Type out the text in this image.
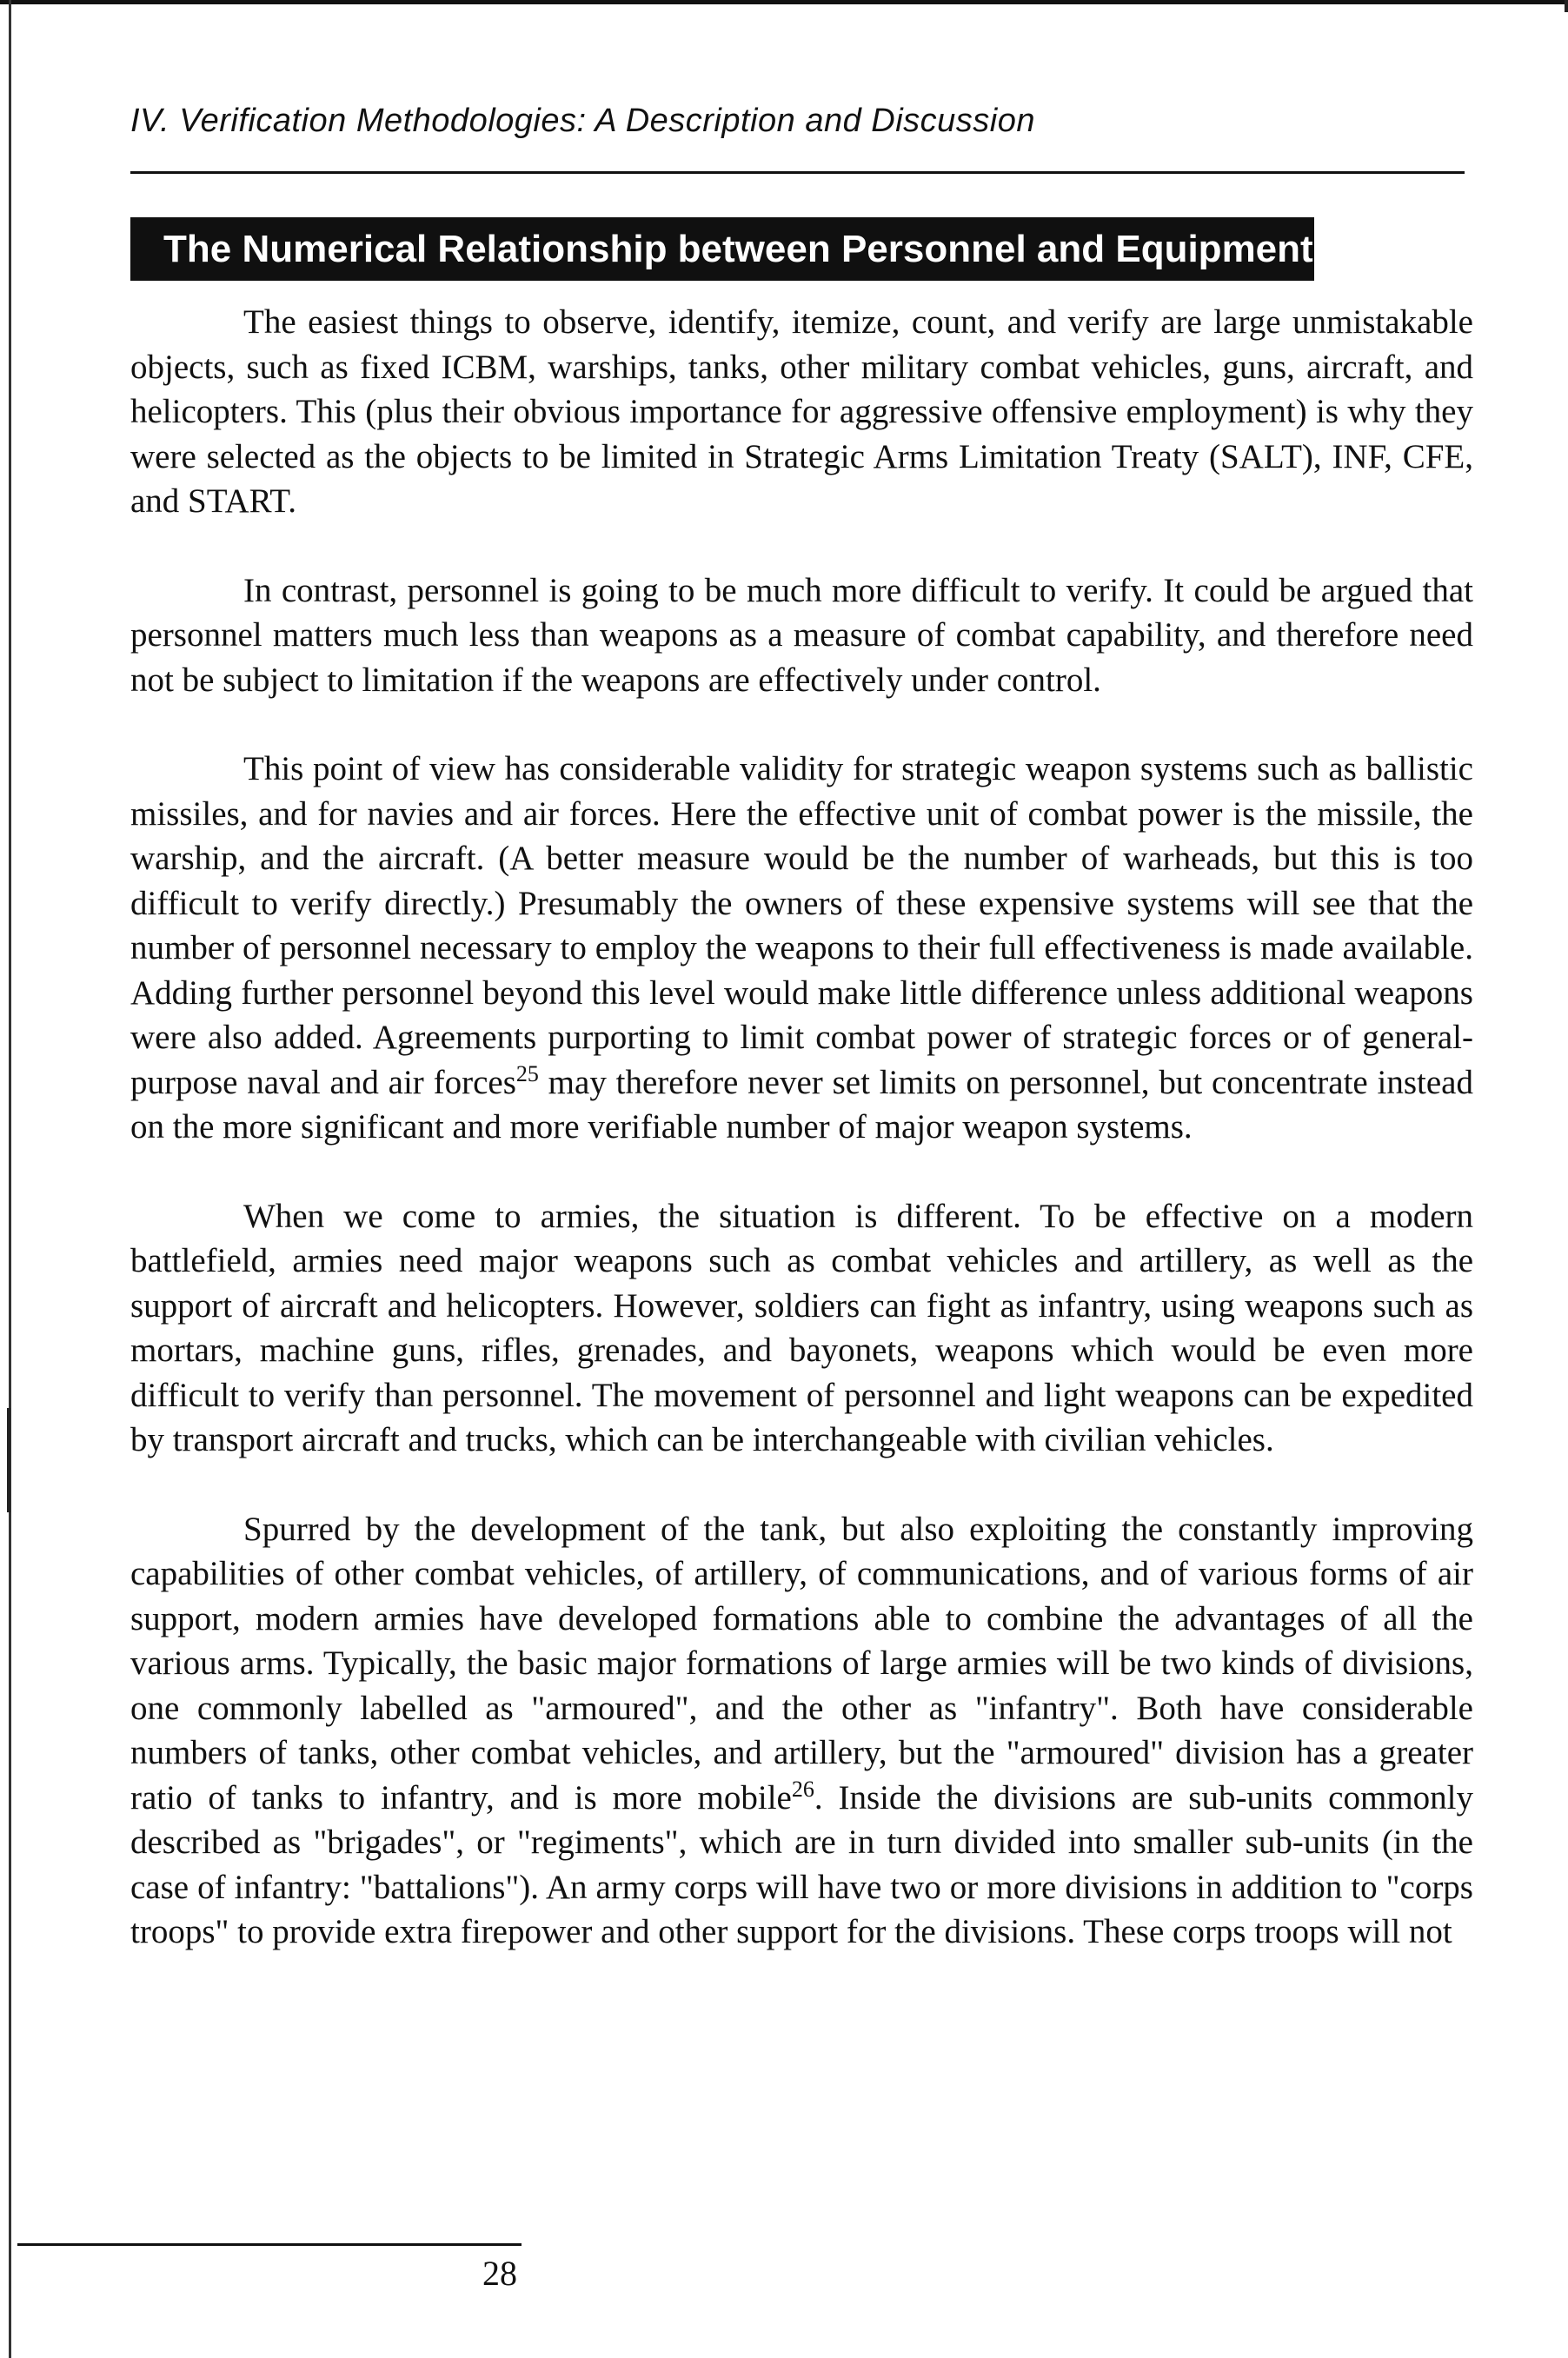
IV. Verification Methodologies: A Description and Discussion
The Numerical Relationship between Personnel and Equipment

The easiest things to observe, identify, itemize, count, and verify are large unmistakable objects, such as fixed ICBM, warships, tanks, other military combat vehicles, guns, aircraft, and helicopters. This (plus their obvious importance for aggressive offensive employment) is why they were selected as the objects to be limited in Strategic Arms Limitation Treaty (SALT), INF, CFE, and START.

In contrast, personnel is going to be much more difficult to verify. It could be argued that personnel matters much less than weapons as a measure of combat capability, and therefore need not be subject to limitation if the weapons are effectively under control.

This point of view has considerable validity for strategic weapon systems such as ballistic missiles, and for navies and air forces. Here the effective unit of combat power is the missile, the warship, and the aircraft. (A better measure would be the number of warheads, but this is too difficult to verify directly.) Presumably the owners of these expensive systems will see that the number of personnel necessary to employ the weapons to their full effectiveness is made available. Adding further personnel beyond this level would make little difference unless additional weapons were also added. Agreements purporting to limit combat power of strategic forces or of general-purpose naval and air forces$^{25}$ may therefore never set limits on personnel, but concentrate instead on the more significant and more verifiable number of major weapon systems.

When we come to armies, the situation is different. To be effective on a modern battlefield, armies need major weapons such as combat vehicles and artillery, as well as the support of aircraft and helicopters. However, soldiers can fight as infantry, using weapons such as mortars, machine guns, rifles, grenades, and bayonets, weapons which would be even more difficult to verify than personnel. The movement of personnel and light weapons can be expedited by transport aircraft and trucks, which can be interchangeable with civilian vehicles.

Spurred by the development of the tank, but also exploiting the constantly improving capabilities of other combat vehicles, of artillery, of communications, and of various forms of air support, modern armies have developed formations able to combine the advantages of all the various arms. Typically, the basic major formations of large armies will be two kinds of divisions, one commonly labelled as "armoured", and the other as "infantry". Both have considerable numbers of tanks, other combat vehicles, and artillery, but the "armoured" division has a greater ratio of tanks to infantry, and is more mobile$^{26}$. Inside the divisions are sub-units commonly described as "brigades", or "regiments", which are in turn divided into smaller sub-units (in the case of infantry: "battalions"). An army corps will have two or more divisions in addition to "corps troops" to provide extra firepower and other support for the divisions. These corps troops will not

28
